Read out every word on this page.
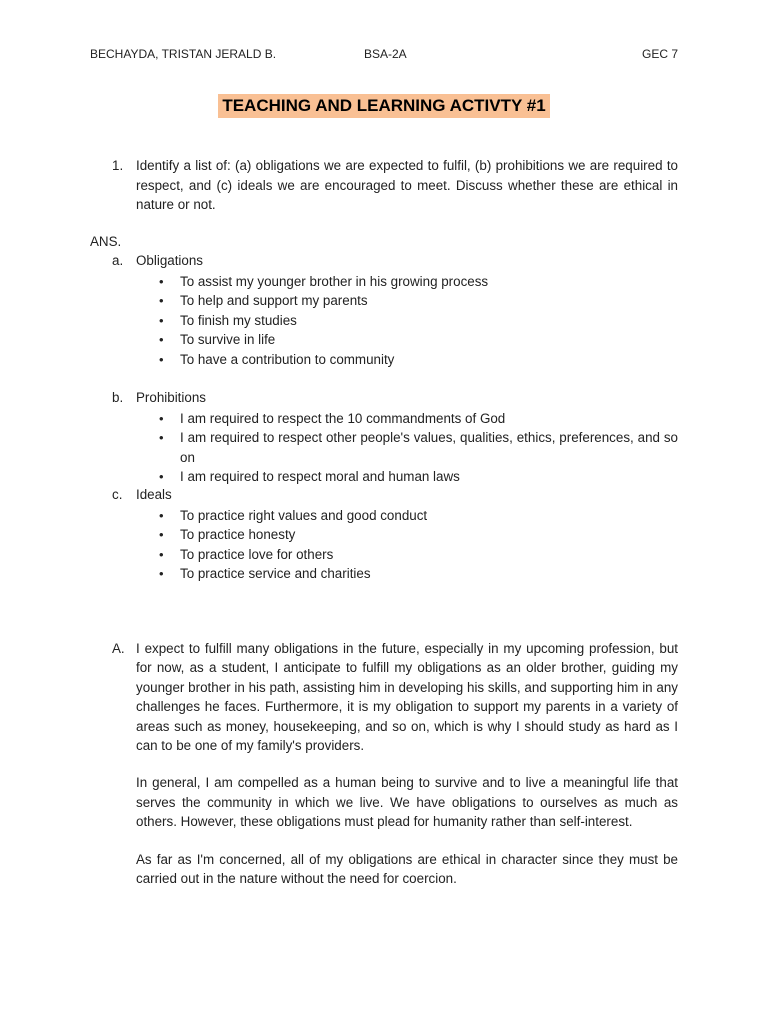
BECHAYDA, TRISTAN JERALD B.	BSA-2A	GEC 7
TEACHING AND LEARNING ACTIVTY #1
1. Identify a list of: (a) obligations we are expected to fulfil, (b) prohibitions we are required to respect, and (c) ideals we are encouraged to meet. Discuss whether these are ethical in nature or not.
ANS.
a. Obligations
• To assist my younger brother in his growing process
• To help and support my parents
• To finish my studies
• To survive in life
• To have a contribution to community
b. Prohibitions
• I am required to respect the 10 commandments of God
• I am required to respect other people's values, qualities, ethics, preferences, and so on
• I am required to respect moral and human laws
c. Ideals
• To practice right values and good conduct
• To practice honesty
• To practice love for others
• To practice service and charities
A. I expect to fulfill many obligations in the future, especially in my upcoming profession, but for now, as a student, I anticipate to fulfill my obligations as an older brother, guiding my younger brother in his path, assisting him in developing his skills, and supporting him in any challenges he faces. Furthermore, it is my obligation to support my parents in a variety of areas such as money, housekeeping, and so on, which is why I should study as hard as I can to be one of my family's providers.

In general, I am compelled as a human being to survive and to live a meaningful life that serves the community in which we live. We have obligations to ourselves as much as others. However, these obligations must plead for humanity rather than self-interest.

As far as I'm concerned, all of my obligations are ethical in character since they must be carried out in the nature without the need for coercion.
